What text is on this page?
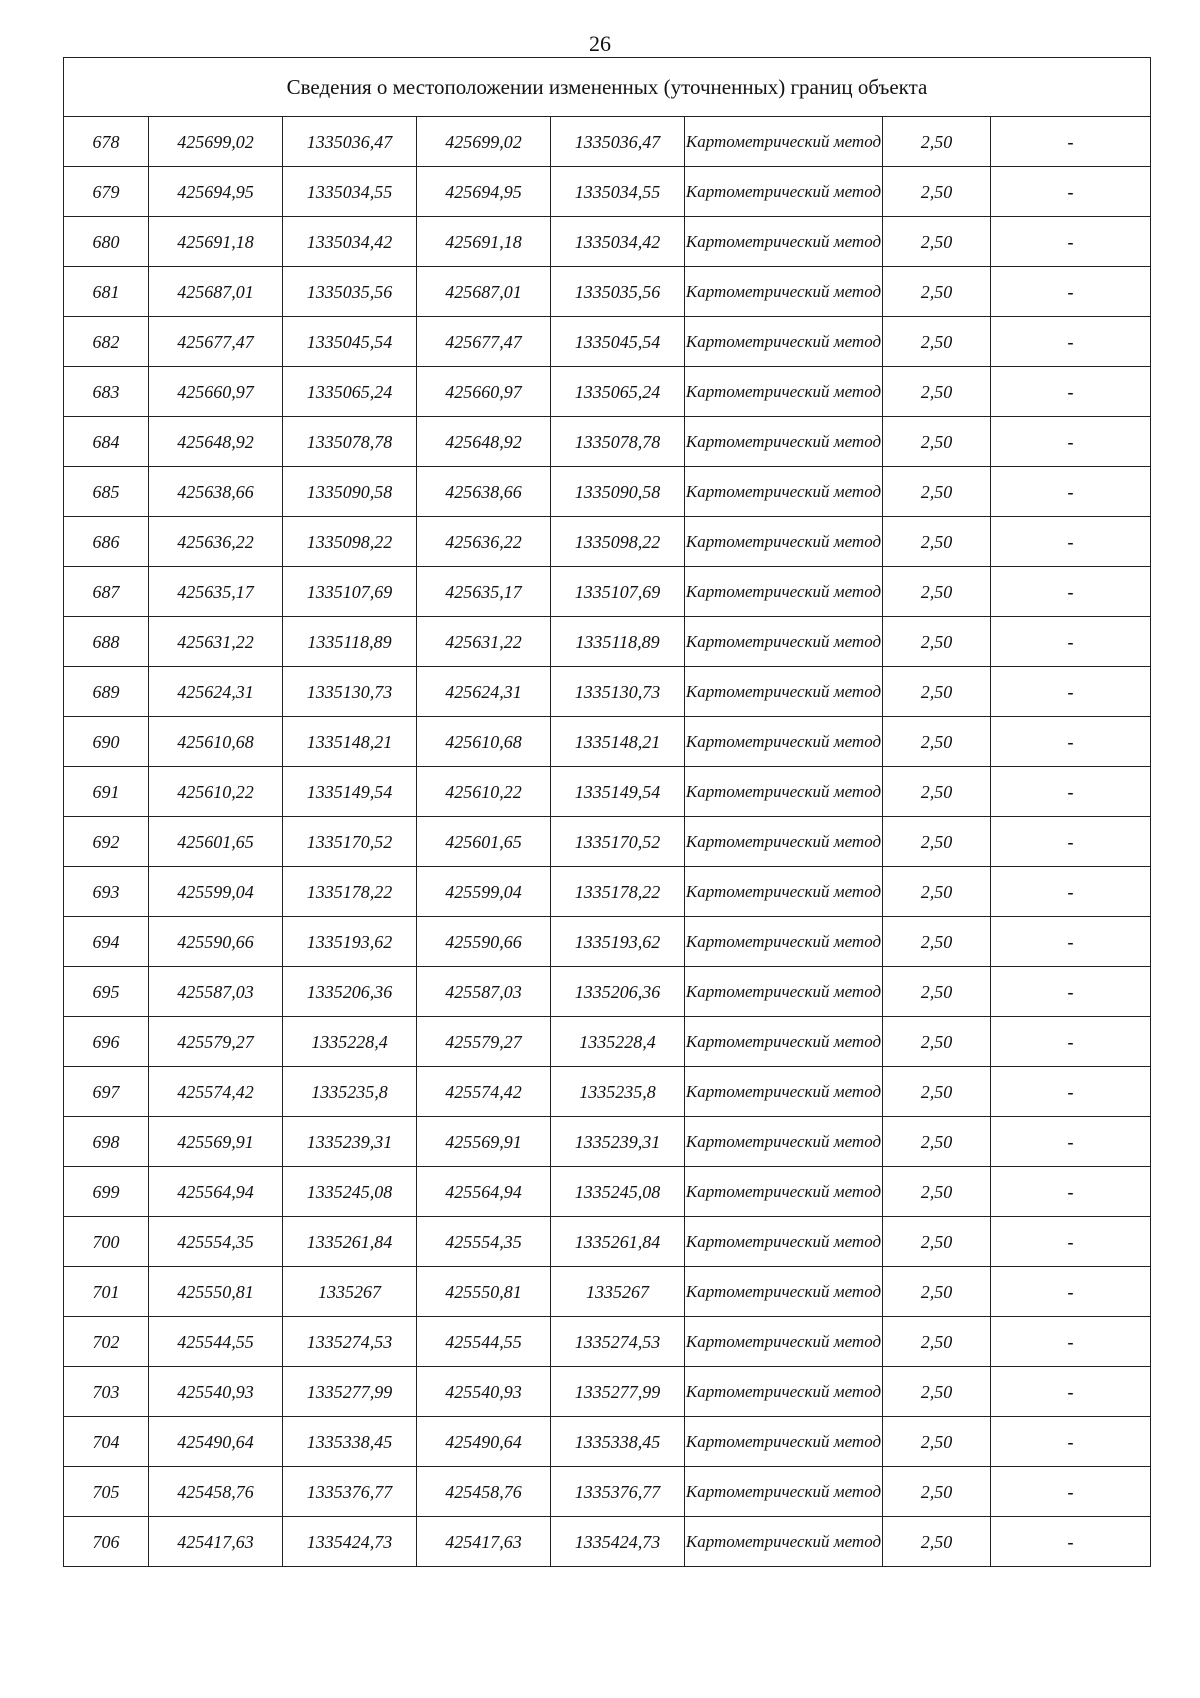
26
Сведения о местоположении измененных (уточненных) границ объекта							
678	425699,02	1335036,47	425699,02	1335036,47	Картометрический метод	2,50	-
679	425694,95	1335034,55	425694,95	1335034,55	Картометрический метод	2,50	-
680	425691,18	1335034,42	425691,18	1335034,42	Картометрический метод	2,50	-
681	425687,01	1335035,56	425687,01	1335035,56	Картометрический метод	2,50	-
682	425677,47	1335045,54	425677,47	1335045,54	Картометрический метод	2,50	-
683	425660,97	1335065,24	425660,97	1335065,24	Картометрический метод	2,50	-
684	425648,92	1335078,78	425648,92	1335078,78	Картометрический метод	2,50	-
685	425638,66	1335090,58	425638,66	1335090,58	Картометрический метод	2,50	-
686	425636,22	1335098,22	425636,22	1335098,22	Картометрический метод	2,50	-
687	425635,17	1335107,69	425635,17	1335107,69	Картометрический метод	2,50	-
688	425631,22	1335118,89	425631,22	1335118,89	Картометрический метод	2,50	-
689	425624,31	1335130,73	425624,31	1335130,73	Картометрический метод	2,50	-
690	425610,68	1335148,21	425610,68	1335148,21	Картометрический метод	2,50	-
691	425610,22	1335149,54	425610,22	1335149,54	Картометрический метод	2,50	-
692	425601,65	1335170,52	425601,65	1335170,52	Картометрический метод	2,50	-
693	425599,04	1335178,22	425599,04	1335178,22	Картометрический метод	2,50	-
694	425590,66	1335193,62	425590,66	1335193,62	Картометрический метод	2,50	-
695	425587,03	1335206,36	425587,03	1335206,36	Картометрический метод	2,50	-
696	425579,27	1335228,4	425579,27	1335228,4	Картометрический метод	2,50	-
697	425574,42	1335235,8	425574,42	1335235,8	Картометрический метод	2,50	-
698	425569,91	1335239,31	425569,91	1335239,31	Картометрический метод	2,50	-
699	425564,94	1335245,08	425564,94	1335245,08	Картометрический метод	2,50	-
700	425554,35	1335261,84	425554,35	1335261,84	Картометрический метод	2,50	-
701	425550,81	1335267	425550,81	1335267	Картометрический метод	2,50	-
702	425544,55	1335274,53	425544,55	1335274,53	Картометрический метод	2,50	-
703	425540,93	1335277,99	425540,93	1335277,99	Картометрический метод	2,50	-
704	425490,64	1335338,45	425490,64	1335338,45	Картометрический метод	2,50	-
705	425458,76	1335376,77	425458,76	1335376,77	Картометрический метод	2,50	-
706	425417,63	1335424,73	425417,63	1335424,73	Картометрический метод	2,50	-
